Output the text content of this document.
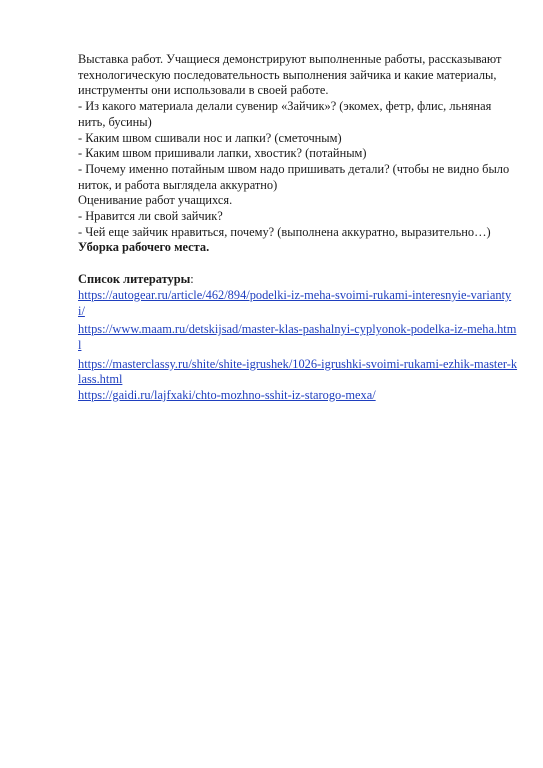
Выставка работ. Учащиеся демонстрируют выполненные работы, рассказывают технологическую последовательность выполнения зайчика и какие материалы, инструменты они использовали в своей работе.

- Из какого материала делали сувенир «Зайчик»? (экомех, фетр, флис, льняная нить, бусины)

- Каким швом сшивали нос и лапки? (сметочным)

- Каким швом пришивали лапки, хвостик? (потайным)

- Почему именно потайным швом надо пришивать детали? (чтобы не видно было ниток, и работа выглядела аккуратно)

Оценивание работ учащихся.

- Нравится ли свой зайчик?

- Чей еще зайчик нравиться, почему? (выполнена аккуратно, выразительно…)

Уборка рабочего места.

Список литературы:

https://autogear.ru/article/462/894/podelki-iz-meha-svoimi-rukami-interesnyie-variantyi/
https://www.maam.ru/detskijsad/master-klas-pashalnyi-cyplyonok-podelka-iz-meha.html
https://masterclassy.ru/shite/shite-igrushek/1026-igrushki-svoimi-rukami-ezhik-master-klass.html
https://gaidi.ru/lajfxaki/chto-mozhno-sshit-iz-starogo-mexa/
